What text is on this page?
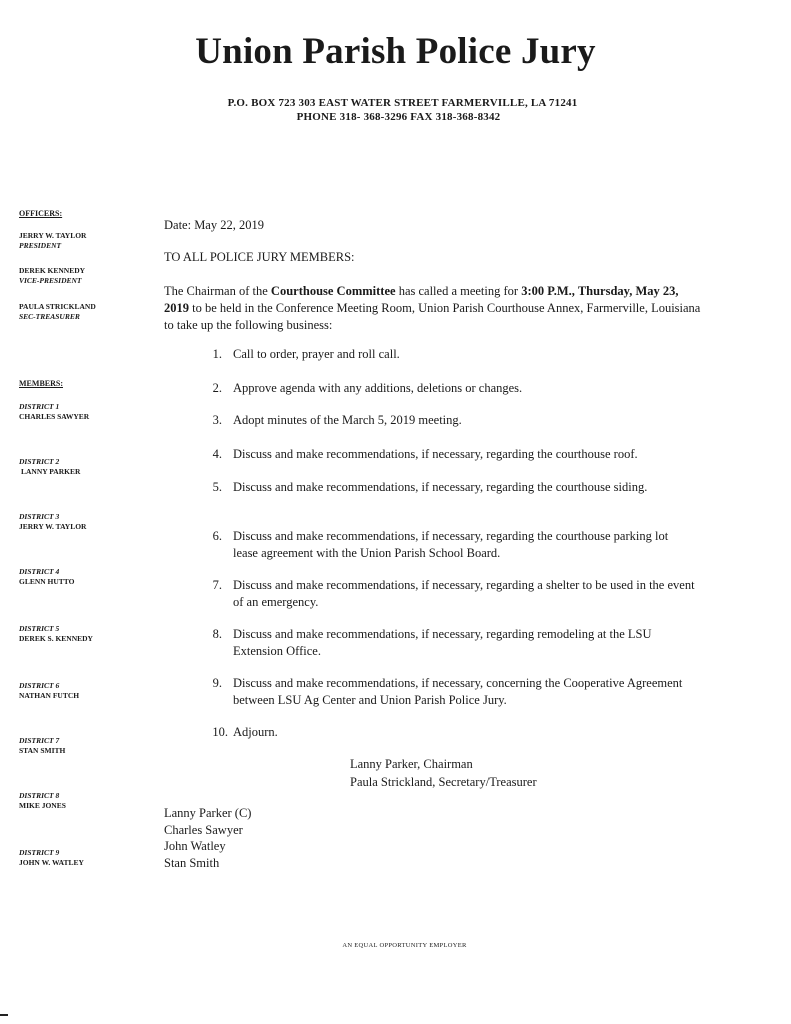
Union Parish Police Jury
P.O. BOX 723 303 EAST WATER STREET FARMERVILLE, LA 71241
PHONE 318- 368-3296 FAX 318-368-8342
OFFICERS:
JERRY W. TAYLOR
PRESIDENT
DEREK KENNEDY
VICE-PRESIDENT
PAULA STRICKLAND
SEC-TREASURER
MEMBERS:
DISTRICT 1
CHARLES SAWYER
DISTRICT 2
LANNY PARKER
DISTRICT 3
JERRY W. TAYLOR
DISTRICT 4
GLENN HUTTO
DISTRICT 5
DEREK S. KENNEDY
DISTRICT 6
NATHAN FUTCH
DISTRICT 7
STAN SMITH
DISTRICT 8
MIKE JONES
DISTRICT 9
JOHN W. WATLEY
Date: May 22, 2019
TO ALL POLICE JURY MEMBERS:
The Chairman of the Courthouse Committee has called a meeting for 3:00 P.M., Thursday, May 23, 2019 to be held in the Conference Meeting Room, Union Parish Courthouse Annex, Farmerville, Louisiana to take up the following business:
1. Call to order, prayer and roll call.
2. Approve agenda with any additions, deletions or changes.
3. Adopt minutes of the March 5, 2019 meeting.
4. Discuss and make recommendations, if necessary, regarding the courthouse roof.
5. Discuss and make recommendations, if necessary, regarding the courthouse siding.
6. Discuss and make recommendations, if necessary, regarding the courthouse parking lot lease agreement with the Union Parish School Board.
7. Discuss and make recommendations, if necessary, regarding a shelter to be used in the event of an emergency.
8. Discuss and make recommendations, if necessary, regarding remodeling at the LSU Extension Office.
9. Discuss and make recommendations, if necessary, concerning the Cooperative Agreement between LSU Ag Center and Union Parish Police Jury.
10. Adjourn.
Lanny Parker, Chairman
Paula Strickland, Secretary/Treasurer
Lanny Parker (C)
Charles Sawyer
John Watley
Stan Smith
AN EQUAL OPPORTUNITY EMPLOYER
